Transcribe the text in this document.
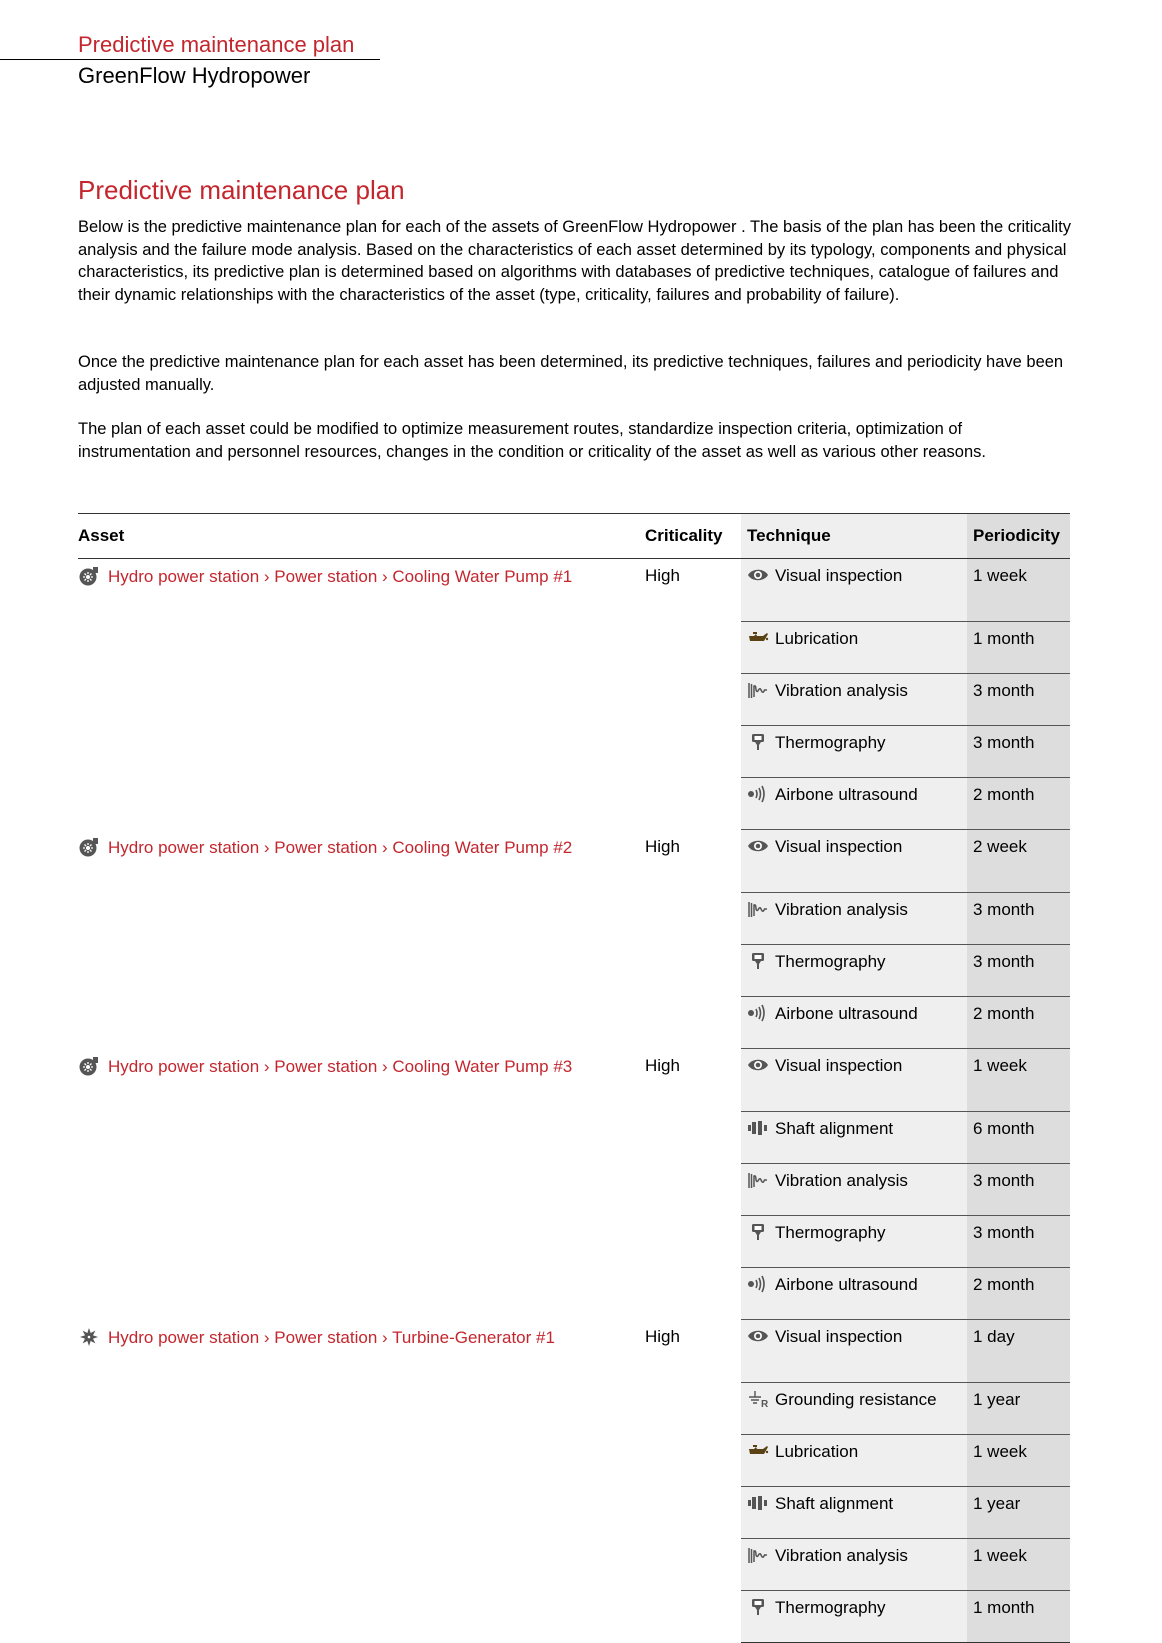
Predictive maintenance plan
GreenFlow Hydropower
Predictive maintenance plan

Below is the predictive maintenance plan for each of the assets of GreenFlow Hydropower . The basis of the plan has been the criticality analysis and the failure mode analysis. Based on the characteristics of each asset determined by its typology, components and physical characteristics, its predictive plan is determined based on algorithms with databases of predictive techniques, catalogue of failures and their dynamic relationships with the characteristics of the asset (type, criticality, failures and probability of failure).

Once the predictive maintenance plan for each asset has been determined, its predictive techniques, failures and periodicity have been adjusted manually.

The plan of each asset could be modified to optimize measurement routes, standardize inspection criteria, optimization of instrumentation and personnel resources, changes in the condition or criticality of the asset as well as various other reasons.

Asset	Criticality	Technique	Periodicity
Hydro power station › Power station › Cooling Water Pump #1	High	Visual inspection	1 week

Lubrication	1 month

Vibration analysis	3 month

Thermography	3 month

Airbone ultrasound	2 month
Hydro power station › Power station › Cooling Water Pump #2	High	Visual inspection	2 week

Vibration analysis	3 month

Thermography	3 month

Airbone ultrasound	2 month
Hydro power station › Power station › Cooling Water Pump #3	High	Visual inspection	1 week

Shaft alignment	6 month

Vibration analysis	3 month

Thermography	3 month

Airbone ultrasound	2 month
Hydro power station › Power station › Turbine-Generator #1	High	Visual inspection	1 day

R Grounding resistance	1 year

Lubrication	1 week

Shaft alignment	1 year

Vibration analysis	1 week

Thermography	1 month
